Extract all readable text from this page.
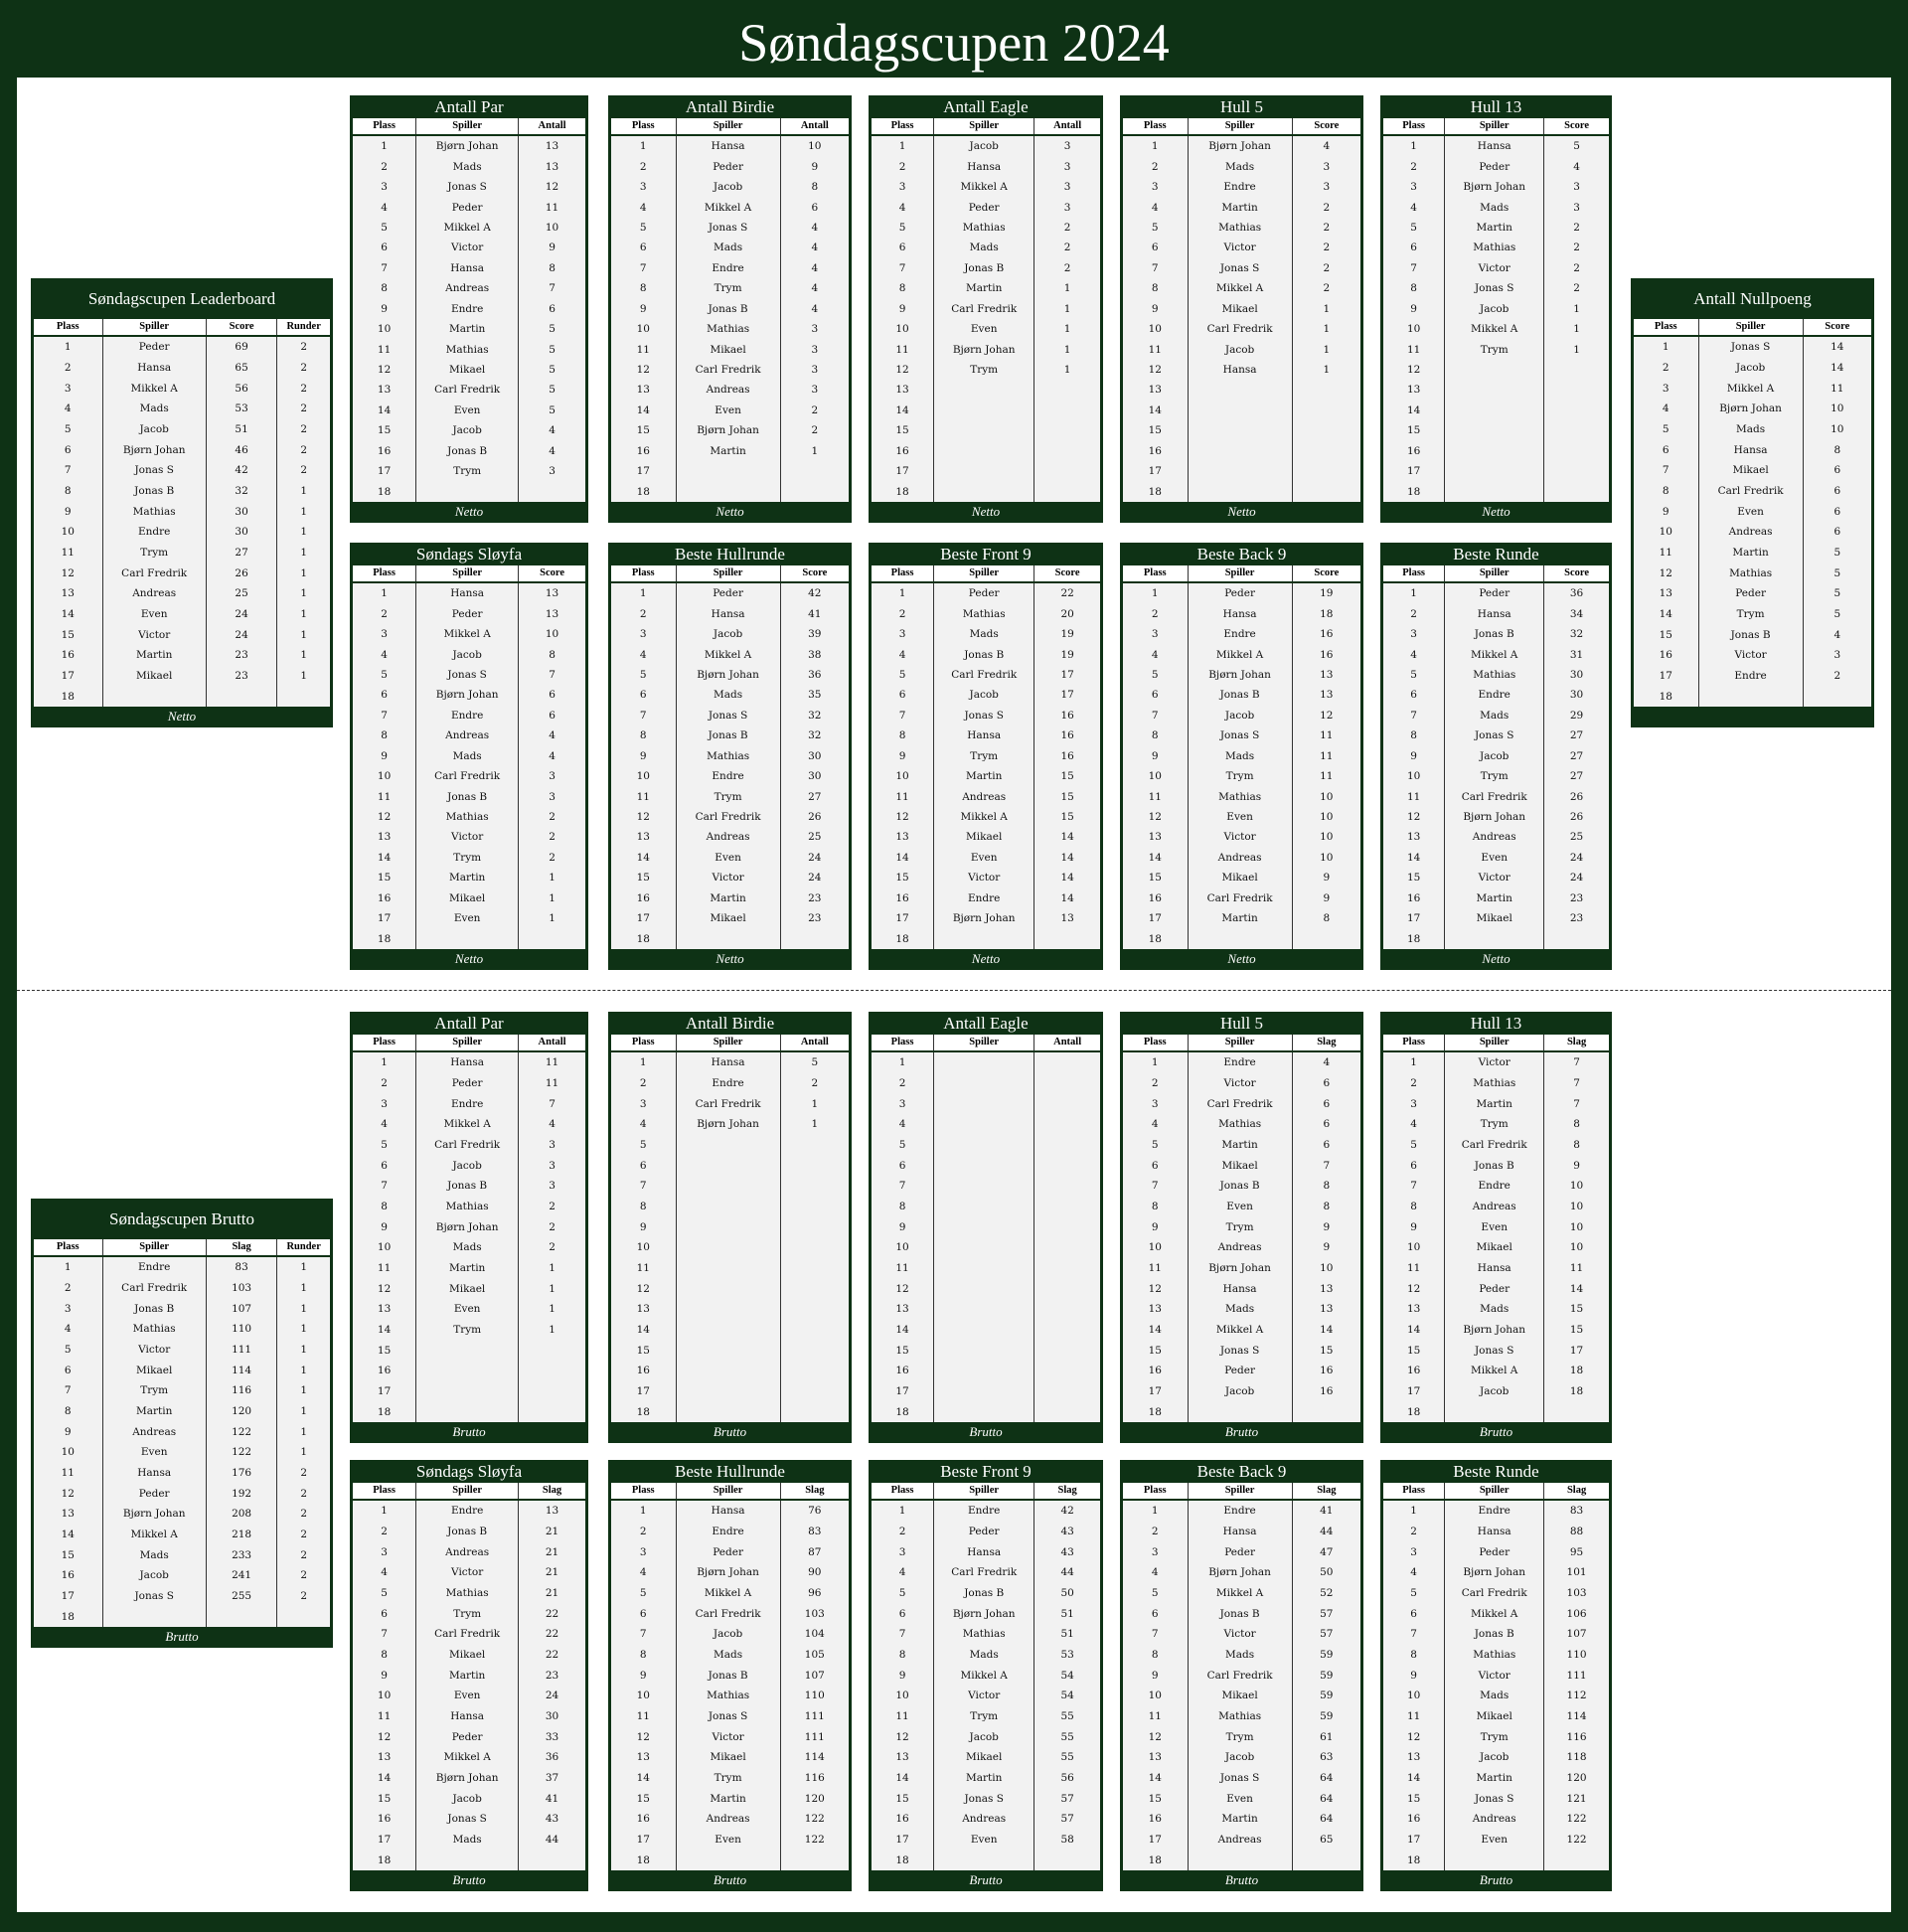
Søndagscupen 2024
Søndagscupen Leaderboard
Plass	Spiller	Score	Runder
1	Peder	69	2
2	Hansa	65	2
3	Mikkel A	56	2
4	Mads	53	2
5	Jacob	51	2
6	Bjørn Johan	46	2
7	Jonas S	42	2
8	Jonas B	32	1
9	Mathias	30	1
10	Endre	30	1
11	Trym	27	1
12	Carl Fredrik	26	1
13	Andreas	25	1
14	Even	24	1
15	Victor	24	1
16	Martin	23	1
17	Mikael	23	1
18
Netto
Antall Nullpoeng
Plass	Spiller	Score
1	Jonas S	14
2	Jacob	14
3	Mikkel A	11
4	Bjørn Johan	10
5	Mads	10
6	Hansa	8
7	Mikael	6
8	Carl Fredrik	6
9	Even	6
10	Andreas	6
11	Martin	5
12	Mathias	5
13	Peder	5
14	Trym	5
15	Jonas B	4
16	Victor	3
17	Endre	2
18
Antall Par
Plass	Spiller	Antall
1	Bjørn Johan	13
2	Mads	13
3	Jonas S	12
4	Peder	11
5	Mikkel A	10
6	Victor	9
7	Hansa	8
8	Andreas	7
9	Endre	6
10	Martin	5
11	Mathias	5
12	Mikael	5
13	Carl Fredrik	5
14	Even	5
15	Jacob	4
16	Jonas B	4
17	Trym	3
18
Netto
Antall Birdie
Plass	Spiller	Antall
1	Hansa	10
2	Peder	9
3	Jacob	8
4	Mikkel A	6
5	Jonas S	4
6	Mads	4
7	Endre	4
8	Trym	4
9	Jonas B	4
10	Mathias	3
11	Mikael	3
12	Carl Fredrik	3
13	Andreas	3
14	Even	2
15	Bjørn Johan	2
16	Martin	1
17
18
Netto
Antall Eagle
Plass	Spiller	Antall
1	Jacob	3
2	Hansa	3
3	Mikkel A	3
4	Peder	3
5	Mathias	2
6	Mads	2
7	Jonas B	2
8	Martin	1
9	Carl Fredrik	1
10	Even	1
11	Bjørn Johan	1
12	Trym	1
13
14
15
16
17
18
Netto
Hull 5
Plass	Spiller	Score
1	Bjørn Johan	4
2	Mads	3
3	Endre	3
4	Martin	2
5	Mathias	2
6	Victor	2
7	Jonas S	2
8	Mikkel A	2
9	Mikael	1
10	Carl Fredrik	1
11	Jacob	1
12	Hansa	1
13
14
15
16
17
18
Netto
Hull 13
Plass	Spiller	Score
1	Hansa	5
2	Peder	4
3	Bjørn Johan	3
4	Mads	3
5	Martin	2
6	Mathias	2
7	Victor	2
8	Jonas S	2
9	Jacob	1
10	Mikkel A	1
11	Trym	1
12
13
14
15
16
17
18
Netto
Søndags Sløyfa
Plass	Spiller	Score
1	Hansa	13
2	Peder	13
3	Mikkel A	10
4	Jacob	8
5	Jonas S	7
6	Bjørn Johan	6
7	Endre	6
8	Andreas	4
9	Mads	4
10	Carl Fredrik	3
11	Jonas B	3
12	Mathias	2
13	Victor	2
14	Trym	2
15	Martin	1
16	Mikael	1
17	Even	1
18
Netto
Beste Hullrunde
Plass	Spiller	Score
1	Peder	42
2	Hansa	41
3	Jacob	39
4	Mikkel A	38
5	Bjørn Johan	36
6	Mads	35
7	Jonas S	32
8	Jonas B	32
9	Mathias	30
10	Endre	30
11	Trym	27
12	Carl Fredrik	26
13	Andreas	25
14	Even	24
15	Victor	24
16	Martin	23
17	Mikael	23
18
Netto
Beste Front 9
Plass	Spiller	Score
1	Peder	22
2	Mathias	20
3	Mads	19
4	Jonas B	19
5	Carl Fredrik	17
6	Jacob	17
7	Jonas S	16
8	Hansa	16
9	Trym	16
10	Martin	15
11	Andreas	15
12	Mikkel A	15
13	Mikael	14
14	Even	14
15	Victor	14
16	Endre	14
17	Bjørn Johan	13
18
Netto
Beste Back 9
Plass	Spiller	Score
1	Peder	19
2	Hansa	18
3	Endre	16
4	Mikkel A	16
5	Bjørn Johan	13
6	Jonas B	13
7	Jacob	12
8	Jonas S	11
9	Mads	11
10	Trym	11
11	Mathias	10
12	Even	10
13	Victor	10
14	Andreas	10
15	Mikael	9
16	Carl Fredrik	9
17	Martin	8
18
Netto
Beste Runde
Plass	Spiller	Score
1	Peder	36
2	Hansa	34
3	Jonas B	32
4	Mikkel A	31
5	Mathias	30
6	Endre	30
7	Mads	29
8	Jonas S	27
9	Jacob	27
10	Trym	27
11	Carl Fredrik	26
12	Bjørn Johan	26
13	Andreas	25
14	Even	24
15	Victor	24
16	Martin	23
17	Mikael	23
18
Netto
Søndagscupen Brutto
Plass	Spiller	Slag	Runder
1	Endre	83	1
2	Carl Fredrik	103	1
3	Jonas B	107	1
4	Mathias	110	1
5	Victor	111	1
6	Mikael	114	1
7	Trym	116	1
8	Martin	120	1
9	Andreas	122	1
10	Even	122	1
11	Hansa	176	2
12	Peder	192	2
13	Bjørn Johan	208	2
14	Mikkel A	218	2
15	Mads	233	2
16	Jacob	241	2
17	Jonas S	255	2
18
Brutto
Antall Par
Plass	Spiller	Antall
1	Hansa	11
2	Peder	11
3	Endre	7
4	Mikkel A	4
5	Carl Fredrik	3
6	Jacob	3
7	Jonas B	3
8	Mathias	2
9	Bjørn Johan	2
10	Mads	2
11	Martin	1
12	Mikael	1
13	Even	1
14	Trym	1
15
16
17
18
Brutto
Antall Birdie
Plass	Spiller	Antall
1	Hansa	5
2	Endre	2
3	Carl Fredrik	1
4	Bjørn Johan	1
5
6
7
8
9
10
11
12
13
14
15
16
17
18
Brutto
Antall Eagle
Plass	Spiller	Antall
1
2
3
4
5
6
7
8
9
10
11
12
13
14
15
16
17
18
Brutto
Hull 5
Plass	Spiller	Slag
1	Endre	4
2	Victor	6
3	Carl Fredrik	6
4	Mathias	6
5	Martin	6
6	Mikael	7
7	Jonas B	8
8	Even	8
9	Trym	9
10	Andreas	9
11	Bjørn Johan	10
12	Hansa	13
13	Mads	13
14	Mikkel A	14
15	Jonas S	15
16	Peder	16
17	Jacob	16
18
Brutto
Hull 13
Plass	Spiller	Slag
1	Victor	7
2	Mathias	7
3	Martin	7
4	Trym	8
5	Carl Fredrik	8
6	Jonas B	9
7	Endre	10
8	Andreas	10
9	Even	10
10	Mikael	10
11	Hansa	11
12	Peder	14
13	Mads	15
14	Bjørn Johan	15
15	Jonas S	17
16	Mikkel A	18
17	Jacob	18
18
Brutto
Søndags Sløyfa
Plass	Spiller	Slag
1	Endre	13
2	Jonas B	21
3	Andreas	21
4	Victor	21
5	Mathias	21
6	Trym	22
7	Carl Fredrik	22
8	Mikael	22
9	Martin	23
10	Even	24
11	Hansa	30
12	Peder	33
13	Mikkel A	36
14	Bjørn Johan	37
15	Jacob	41
16	Jonas S	43
17	Mads	44
18
Brutto
Beste Hullrunde
Plass	Spiller	Slag
1	Hansa	76
2	Endre	83
3	Peder	87
4	Bjørn Johan	90
5	Mikkel A	96
6	Carl Fredrik	103
7	Jacob	104
8	Mads	105
9	Jonas B	107
10	Mathias	110
11	Jonas S	111
12	Victor	111
13	Mikael	114
14	Trym	116
15	Martin	120
16	Andreas	122
17	Even	122
18
Brutto
Beste Front 9
Plass	Spiller	Slag
1	Endre	42
2	Peder	43
3	Hansa	43
4	Carl Fredrik	44
5	Jonas B	50
6	Bjørn Johan	51
7	Mathias	51
8	Mads	53
9	Mikkel A	54
10	Victor	54
11	Trym	55
12	Jacob	55
13	Mikael	55
14	Martin	56
15	Jonas S	57
16	Andreas	57
17	Even	58
18
Brutto
Beste Back 9
Plass	Spiller	Slag
1	Endre	41
2	Hansa	44
3	Peder	47
4	Bjørn Johan	50
5	Mikkel A	52
6	Jonas B	57
7	Victor	57
8	Mads	59
9	Carl Fredrik	59
10	Mikael	59
11	Mathias	59
12	Trym	61
13	Jacob	63
14	Jonas S	64
15	Even	64
16	Martin	64
17	Andreas	65
18
Brutto
Beste Runde
Plass	Spiller	Slag
1	Endre	83
2	Hansa	88
3	Peder	95
4	Bjørn Johan	101
5	Carl Fredrik	103
6	Mikkel A	106
7	Jonas B	107
8	Mathias	110
9	Victor	111
10	Mads	112
11	Mikael	114
12	Trym	116
13	Jacob	118
14	Martin	120
15	Jonas S	121
16	Andreas	122
17	Even	122
18
Brutto
